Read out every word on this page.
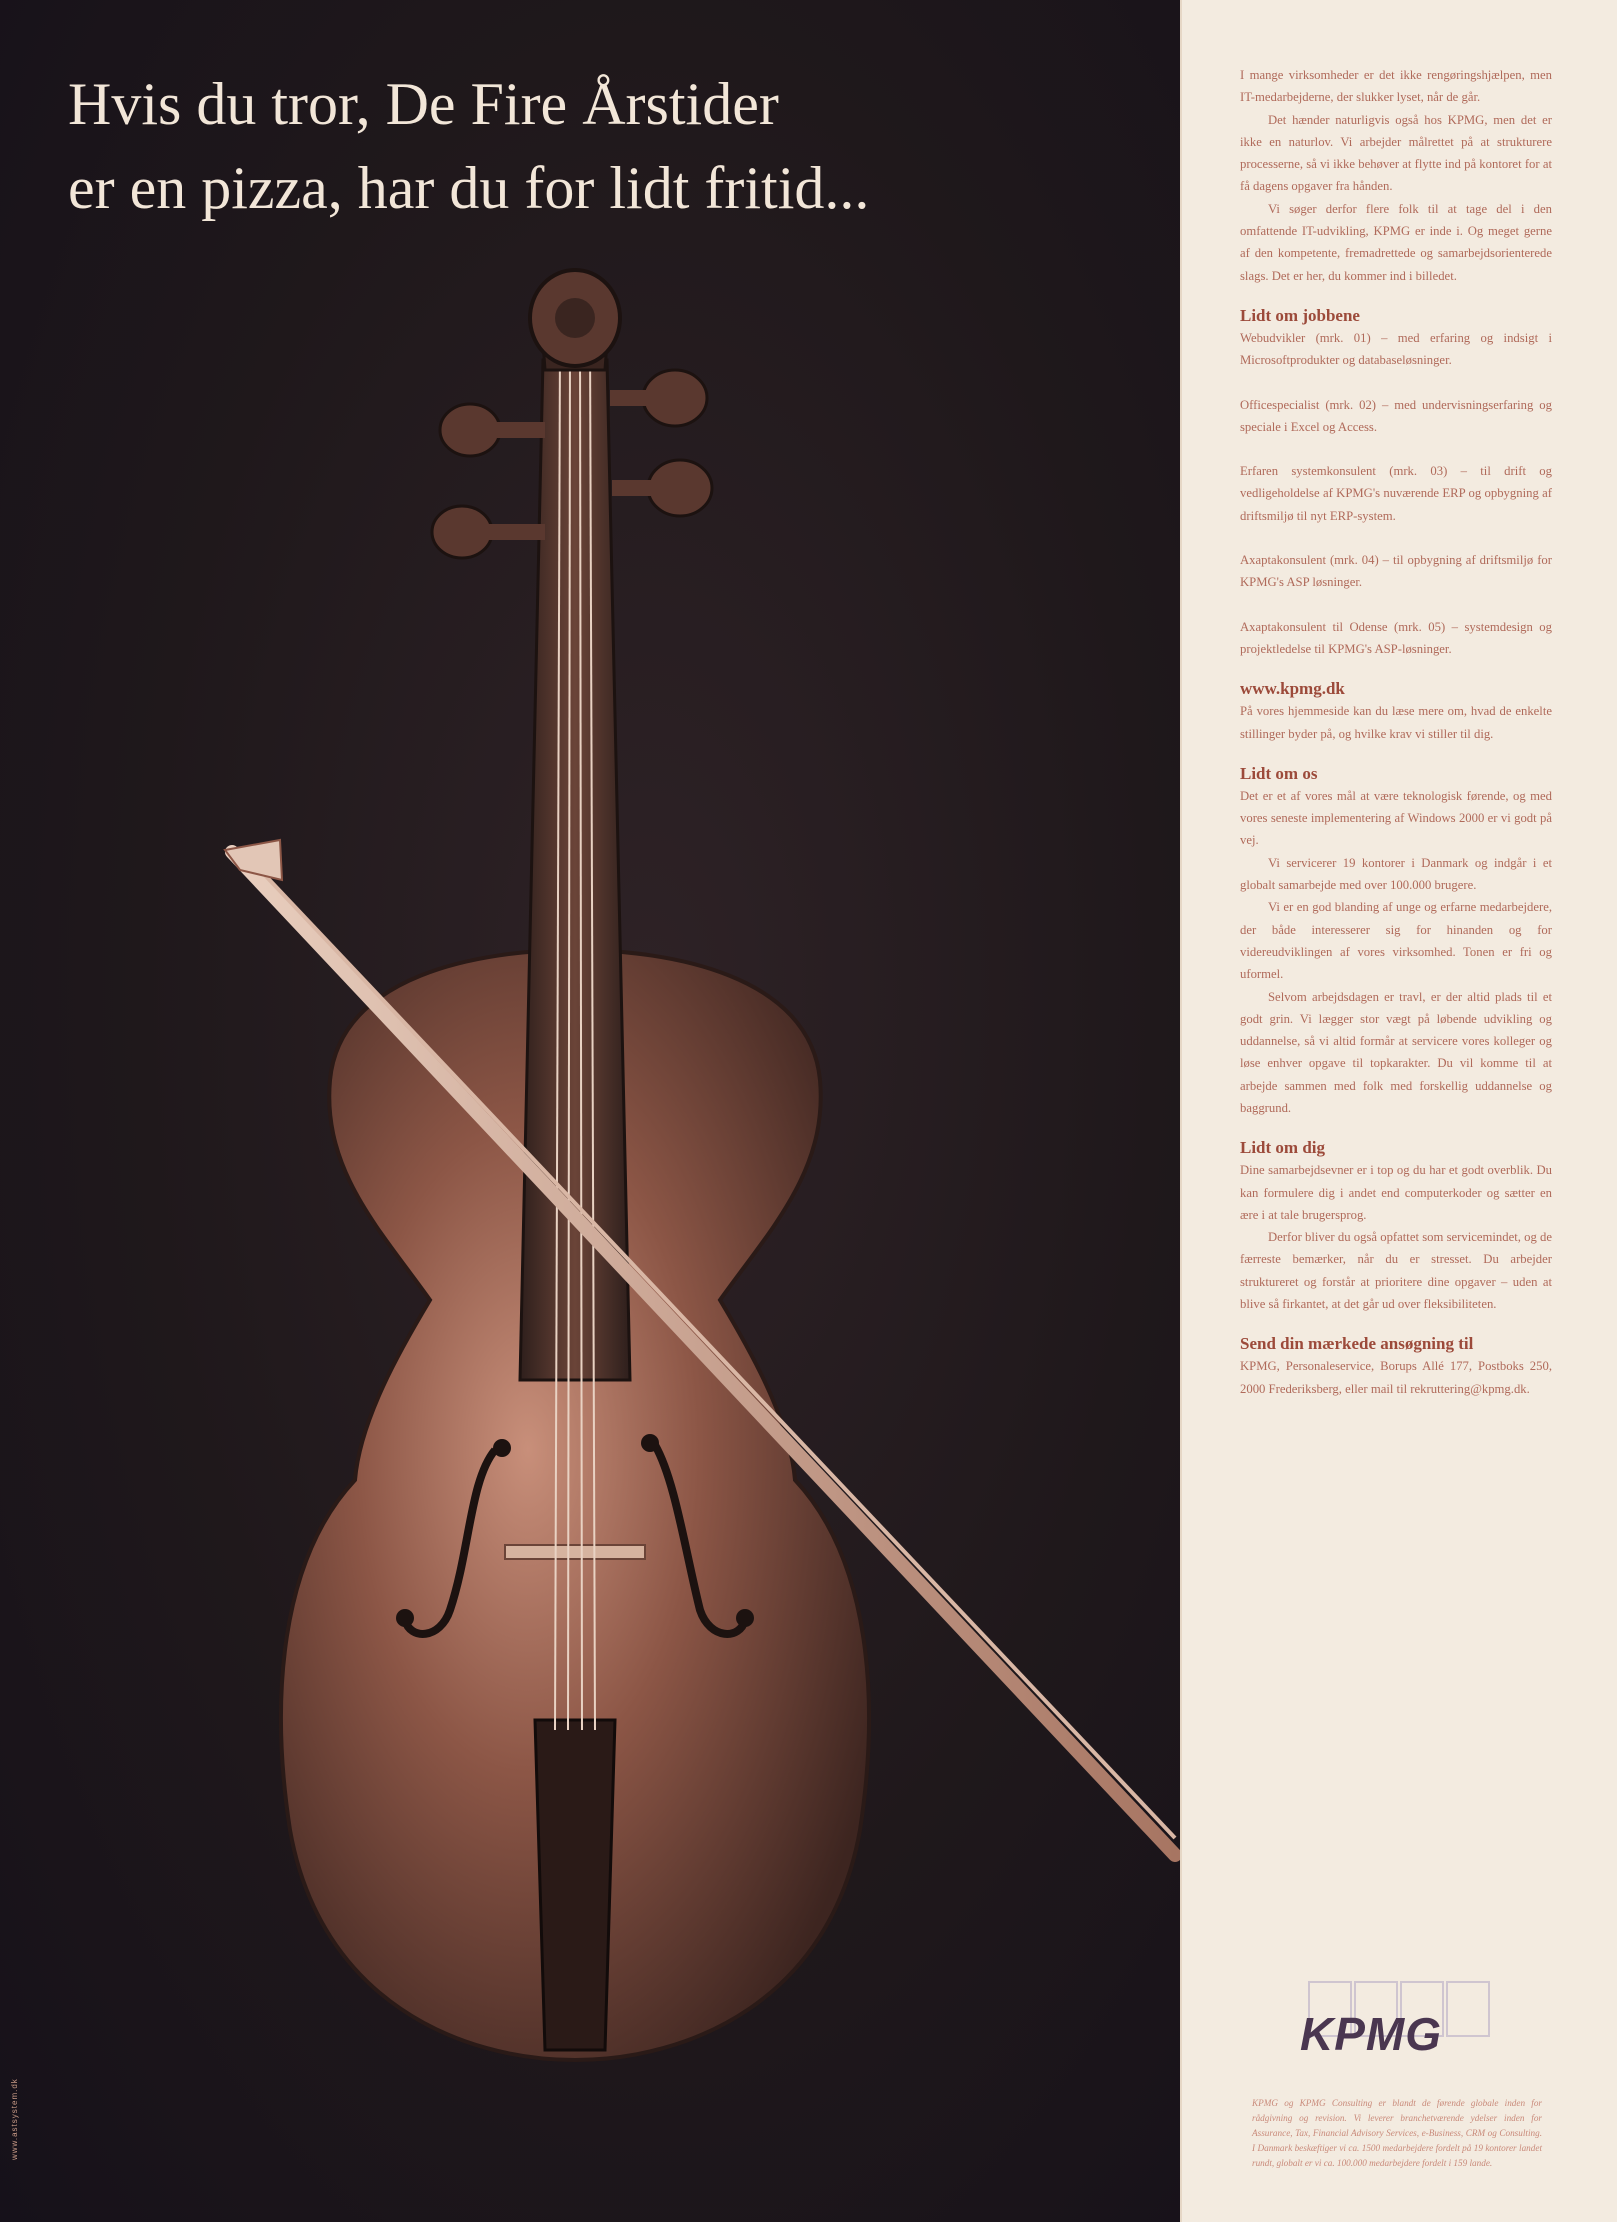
Hvis du tror, De Fire Årstider
er en pizza, har du for lidt fritid...
www.astsystem.dk

I mange virksomheder er det ikke rengøringshjælpen, men IT-medarbejderne, der slukker lyset, når de går.

Det hænder naturligvis også hos KPMG, men det er ikke en naturlov. Vi arbejder målrettet på at strukturere processerne, så vi ikke behøver at flytte ind på kontoret for at få dagens opgaver fra hånden.

Vi søger derfor flere folk til at tage del i den omfattende IT-udvikling, KPMG er inde i. Og meget gerne af den kompetente, fremadrettede og samarbejdsorienterede slags. Det er her, du kommer ind i billedet.

Lidt om jobbene

Webudvikler (mrk. 01) – med erfaring og indsigt i Microsoftprodukter og databaseløsninger.

Officespecialist (mrk. 02) – med undervisningserfaring og speciale i Excel og Access.

Erfaren systemkonsulent (mrk. 03) – til drift og vedligeholdelse af KPMG's nuværende ERP og opbygning af driftsmiljø til nyt ERP-system.

Axaptakonsulent (mrk. 04) – til opbygning af driftsmiljø for KPMG's ASP løsninger.

Axaptakonsulent til Odense (mrk. 05) – systemdesign og projektledelse til KPMG's ASP-løsninger.

www.kpmg.dk

På vores hjemmeside kan du læse mere om, hvad de enkelte stillinger byder på, og hvilke krav vi stiller til dig.

Lidt om os

Det er et af vores mål at være teknologisk førende, og med vores seneste implementering af Windows 2000 er vi godt på vej.

Vi servicerer 19 kontorer i Danmark og indgår i et globalt samarbejde med over 100.000 brugere.

Vi er en god blanding af unge og erfarne medarbejdere, der både interesserer sig for hinanden og for videreudviklingen af vores virksomhed. Tonen er fri og uformel.

Selvom arbejdsdagen er travl, er der altid plads til et godt grin. Vi lægger stor vægt på løbende udvikling og uddannelse, så vi altid formår at servicere vores kolleger og løse enhver opgave til topkarakter. Du vil komme til at arbejde sammen med folk med forskellig uddannelse og baggrund.

Lidt om dig

Dine samarbejdsevner er i top og du har et godt overblik. Du kan formulere dig i andet end computerkoder og sætter en ære i at tale brugersprog.

Derfor bliver du også opfattet som servicemindet, og de færreste bemærker, når du er stresset. Du arbejder struktureret og forstår at prioritere dine opgaver – uden at blive så firkantet, at det går ud over fleksibiliteten.

Send din mærkede ansøgning til

KPMG, Personaleservice, Borups Allé 177, Postboks 250, 2000 Frederiksberg, eller mail til rekruttering@kpmg.dk.

KPMG
KPMG og KPMG Consulting er blandt de førende globale inden for rådgivning og revision. Vi leverer branchetværende ydelser inden for Assurance, Tax, Financial Advisory Services, e-Business, CRM og Consulting. I Danmark beskæftiger vi ca. 1500 medarbejdere fordelt på 19 kontorer landet rundt, globalt er vi ca. 100.000 medarbejdere fordelt i 159 lande.
